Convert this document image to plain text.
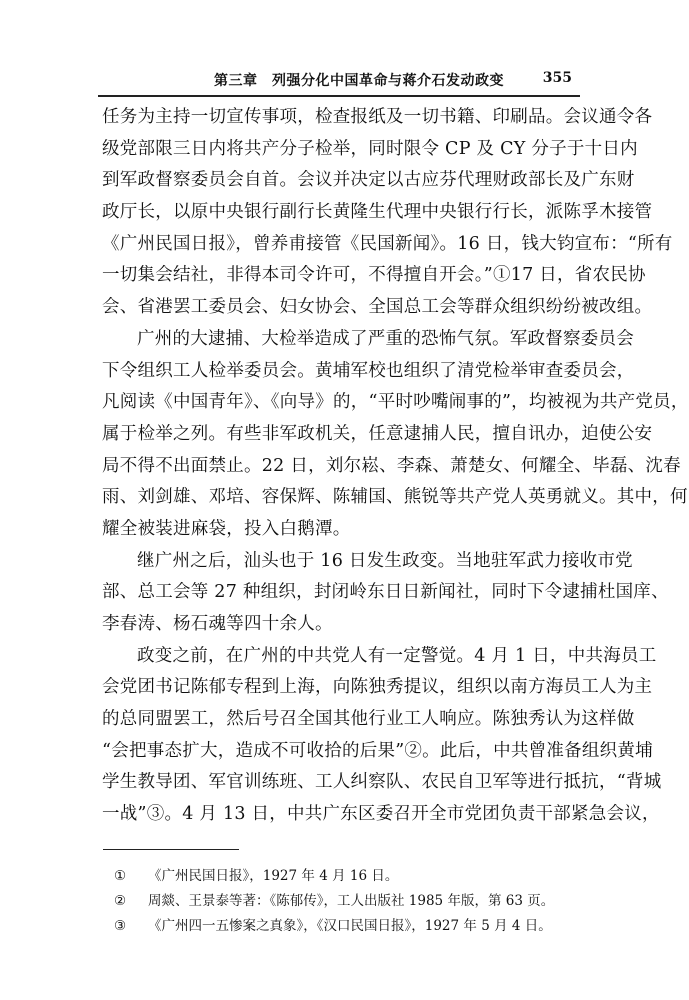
第三章　列强分化中国革命与蒋介石发动政变	355
任务为主持一切宣传事项，检查报纸及一切书籍、印刷品。会议通令各
级党部限三日内将共产分子检举，同时限令 CP 及 CY 分子于十日内
到军政督察委员会自首。会议并决定以古应芬代理财政部长及广东财
政厅长，以原中央银行副行长黄隆生代理中央银行行长，派陈孚木接管
《广州民国日报》，曾养甫接管《民国新闻》。16 日，钱大钧宣布：“所有
一切集会结社，非得本司令许可，不得擅自开会。”①17 日，省农民协
会、省港罢工委员会、妇女协会、全国总工会等群众组织纷纷被改组。
广州的大逮捕、大检举造成了严重的恐怖气氛。军政督察委员会
下令组织工人检举委员会。黄埔军校也组织了清党检举审查委员会，
凡阅读《中国青年》、《向导》的，“平时吵嘴闹事的”，均被视为共产党员，
属于检举之列。有些非军政机关，任意逮捕人民，擅自讯办，迫使公安
局不得不出面禁止。22 日，刘尔崧、李森、萧楚女、何耀全、毕磊、沈春
雨、刘剑雄、邓培、容保辉、陈辅国、熊锐等共产党人英勇就义。其中，何
耀全被装进麻袋，投入白鹅潭。
继广州之后，汕头也于 16 日发生政变。当地驻军武力接收市党
部、总工会等 27 种组织，封闭岭东日日新闻社，同时下令逮捕杜国庠、
李春涛、杨石魂等四十余人。
政变之前，在广州的中共党人有一定警觉。4 月 1 日，中共海员工
会党团书记陈郁专程到上海，向陈独秀提议，组织以南方海员工人为主
的总同盟罢工，然后号召全国其他行业工人响应。陈独秀认为这样做
“会把事态扩大，造成不可收拾的后果”②。此后，中共曾准备组织黄埔
学生教导团、军官训练班、工人纠察队、农民自卫军等进行抵抗，“背城
一战”③。4 月 13 日，中共广东区委召开全市党团负责干部紧急会议，
① 《广州民国日报》，1927 年 4 月 16 日。
② 周燚、王景泰等著：《陈郁传》，工人出版社 1985 年版，第 63 页。
③ 《广州四一五惨案之真象》，《汉口民国日报》，1927 年 5 月 4 日。
